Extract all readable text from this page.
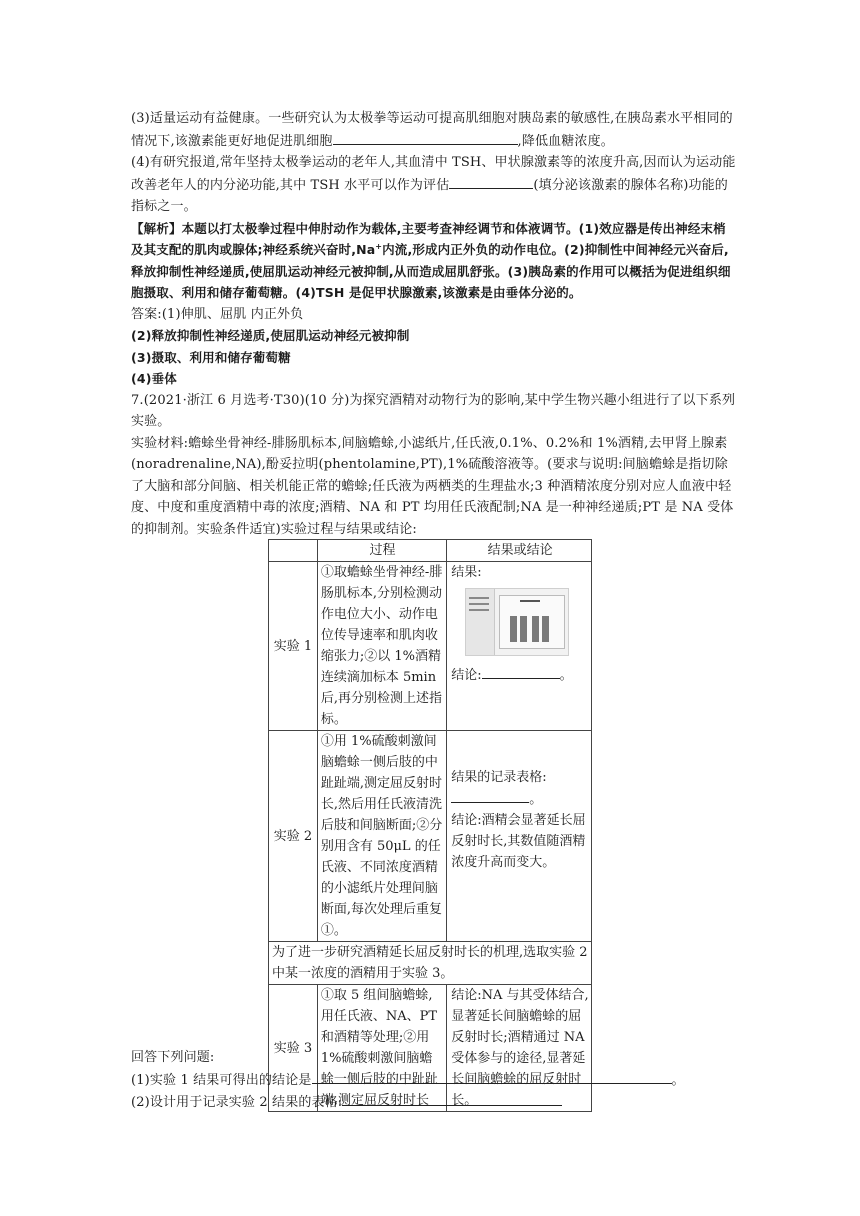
(3)适量运动有益健康。一些研究认为太极拳等运动可提高肌细胞对胰岛素的敏感性,在胰岛素水平相同的情况下,该激素能更好地促进肌细胞	,降低血糖浓度。

(4)有研究报道,常年坚持太极拳运动的老年人,其血清中 TSH、甲状腺激素等的浓度升高,因而认为运动能改善老年人的内分泌功能,其中 TSH 水平可以作为评估	(填分泌该激素的腺体名称)功能的指标之一。

【解析】本题以打太极拳过程中伸肘动作为载体,主要考查神经调节和体液调节。(1)效应器是传出神经末梢及其支配的肌肉或腺体;神经系统兴奋时,Na+内流,形成内正外负的动作电位。(2)抑制性中间神经元兴奋后,释放抑制性神经递质,使屈肌运动神经元被抑制,从而造成屈肌舒张。(3)胰岛素的作用可以概括为促进组织细胞摄取、利用和储存葡萄糖。(4)TSH 是促甲状腺激素,该激素是由垂体分泌的。

答案:(1)伸肌、屈肌 内正外负

(2)释放抑制性神经递质,使屈肌运动神经元被抑制

(3)摄取、利用和储存葡萄糖

(4)垂体

7.(2021·浙江 6 月选考·T30)(10 分)为探究酒精对动物行为的影响,某中学生物兴趣小组进行了以下系列实验。

实验材料:蟾蜍坐骨神经-腓肠肌标本,间脑蟾蜍,小滤纸片,任氏液,0.1%、0.2%和 1%酒精,去甲肾上腺素(noradrenaline,NA),酚妥拉明(phentolamine,PT),1%硫酸溶液等。(要求与说明:间脑蟾蜍是指切除了大脑和部分间脑、相关机能正常的蟾蜍;任氏液为两栖类的生理盐水;3 种酒精浓度分别对应人血液中轻度、中度和重度酒精中毒的浓度;酒精、NA 和 PT 均用任氏液配制;NA 是一种神经递质;PT 是 NA 受体的抑制剂。实验条件适宜)实验过程与结果或结论:

	过程	结果或结论
实验 1	①取蟾蜍坐骨神经-腓肠肌标本,分别检测动作电位大小、动作电位传导速率和肌肉收缩张力;②以 1%酒精连续滴加标本 5min 后,再分别检测上述指标。	结果:
结论: 。

实验 2	①用 1%硫酸刺激间脑蟾蜍一侧后肢的中趾趾端,测定屈反射时长,然后用任氏液清洗后肢和间脑断面;②分别用含有 50μL 的任氏液、不同浓度酒精的小滤纸片处理间脑断面,每次处理后重复①。	结果的记录表格:。
结论:酒精会显著延长屈反射时长,其数值随酒精浓度升高而变大。

为了进一步研究酒精延长屈反射时长的机理,选取实验 2 中某一浓度的酒精用于实验 3。		
实验 3	①取 5 组间脑蟾蜍,用任氏液、NA、PT 和酒精等处理;②用 1%硫酸刺激间脑蟾蜍一侧后肢的中趾趾端,测定屈反射时长	结论:NA 与其受体结合,显著延长间脑蟾蜍的屈反射时长;酒精通过 NA 受体参与的途径,显著延长间脑蟾蜍的屈反射时长。

回答下列问题:

(1)实验 1 结果可得出的结论是	。

(2)设计用于记录实验 2 结果的表格:
